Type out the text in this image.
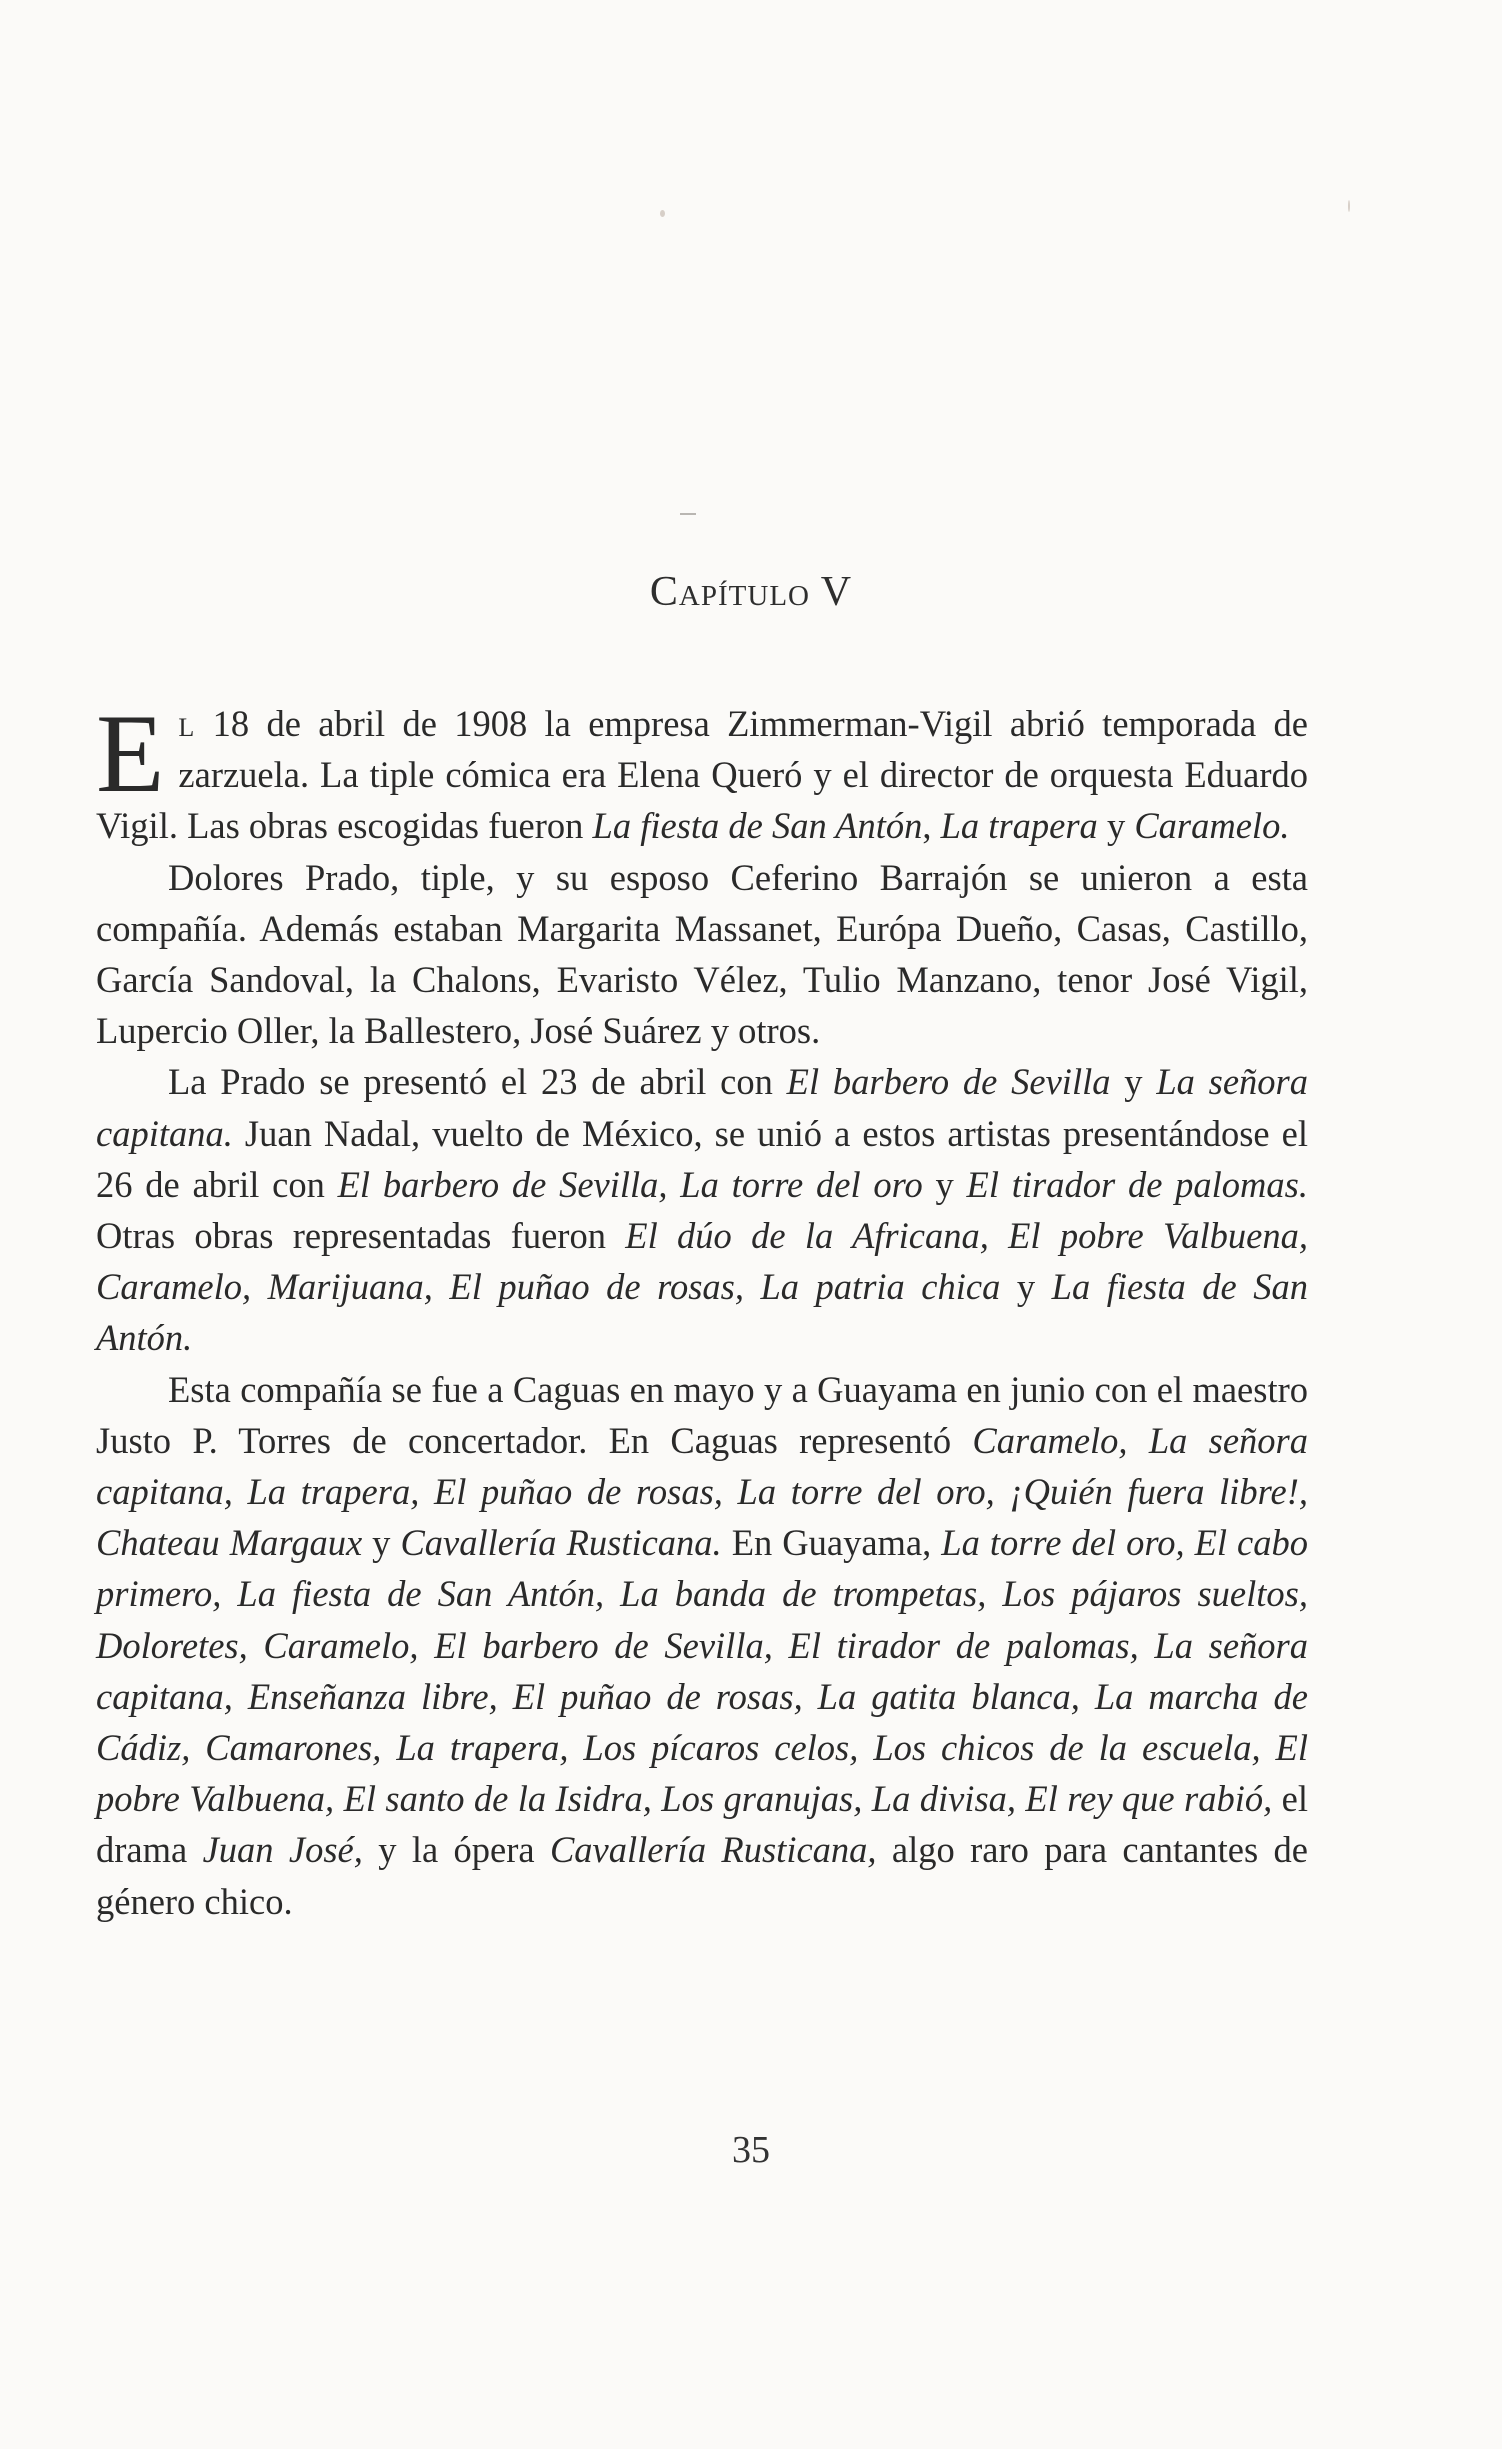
Capítulo V

El 18 de abril de 1908 la empresa Zimmerman-Vigil abrió temporada de zarzuela. La tiple cómica era Elena Queró y el director de orquesta Eduardo Vigil. Las obras escogidas fueron La fiesta de San Antón, La trapera y Caramelo.

Dolores Prado, tiple, y su esposo Ceferino Barrajón se unieron a esta compañía. Además estaban Margarita Massanet, Európa Dueño, Casas, Castillo, García Sandoval, la Chalons, Evaristo Vélez, Tulio Manzano, tenor José Vigil, Lupercio Oller, la Ballestero, José Suárez y otros.

La Prado se presentó el 23 de abril con El barbero de Sevilla y La señora capitana. Juan Nadal, vuelto de México, se unió a estos artistas presentándose el 26 de abril con El barbero de Sevilla, La torre del oro y El tirador de palomas. Otras obras representadas fueron El dúo de la Africana, El pobre Valbuena, Caramelo, Marijuana, El puñao de rosas, La patria chica y La fiesta de San Antón.

Esta compañía se fue a Caguas en mayo y a Guayama en junio con el maestro Justo P. Torres de concertador. En Caguas representó Caramelo, La señora capitana, La trapera, El puñao de rosas, La torre del oro, ¡Quién fuera libre!, Chateau Margaux y Cavallería Rusticana. En Guayama, La torre del oro, El cabo primero, La fiesta de San Antón, La banda de trompetas, Los pájaros sueltos, Doloretes, Caramelo, El barbero de Sevilla, El tirador de palomas, La señora capitana, Enseñanza libre, El puñao de rosas, La gatita blanca, La marcha de Cádiz, Camarones, La trapera, Los pícaros celos, Los chicos de la escuela, El pobre Valbuena, El santo de la Isidra, Los granujas, La divisa, El rey que rabió, el drama Juan José, y la ópera Cavallería Rusticana, algo raro para cantantes de género chico.

35
